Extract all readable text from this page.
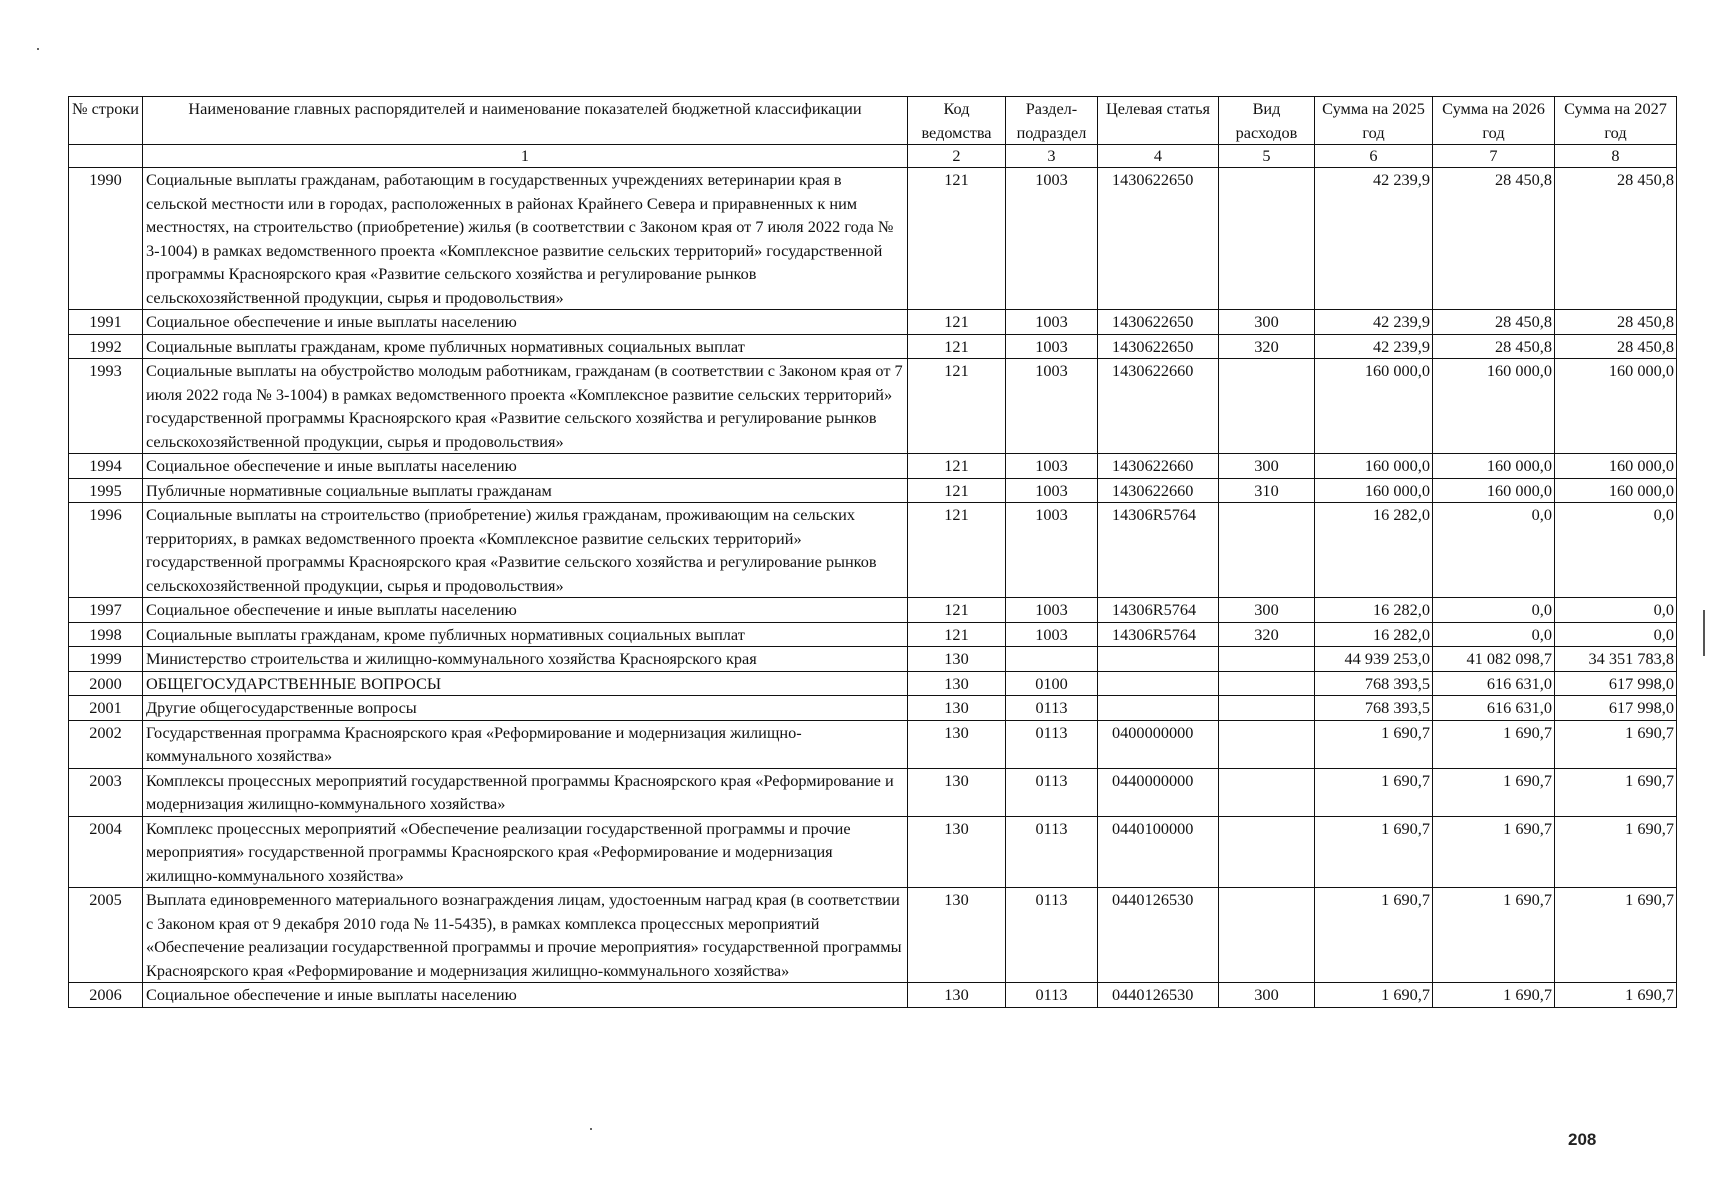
№ строки	Наименование главных распорядителей и наименование показателей бюджетной классификации	Код ведомства	Раздел-подраздел	Целевая статья	Вид расходов	Сумма на 2025 год	Сумма на 2026 год	Сумма на 2027 год
	1	2	3	4	5	6	7	8
1990	Социальные выплаты гражданам, работающим в государственных учреждениях ветеринарии края в сельской местности или в городах, расположенных в районах Крайнего Севера и приравненных к ним местностях, на строительство (приобретение) жилья (в соответствии с Законом края от 7 июля 2022 года № 3-1004) в рамках ведомственного проекта «Комплексное развитие сельских территорий» государственной программы Красноярского края «Развитие сельского хозяйства и регулирование рынков сельскохозяйственной продукции, сырья и продовольствия»	121	1003	1430622650		42 239,9	28 450,8	28 450,8
1991	Социальное обеспечение и иные выплаты населению	121	1003	1430622650	300	42 239,9	28 450,8	28 450,8
1992	Социальные выплаты гражданам, кроме публичных нормативных социальных выплат	121	1003	1430622650	320	42 239,9	28 450,8	28 450,8
1993	Социальные выплаты на обустройство молодым работникам, гражданам (в соответствии с Законом края от 7 июля 2022 года № 3-1004) в рамках ведомственного проекта «Комплексное развитие сельских территорий» государственной программы Красноярского края «Развитие сельского хозяйства и регулирование рынков сельскохозяйственной продукции, сырья и продовольствия»	121	1003	1430622660		160 000,0	160 000,0	160 000,0
1994	Социальное обеспечение и иные выплаты населению	121	1003	1430622660	300	160 000,0	160 000,0	160 000,0
1995	Публичные нормативные социальные выплаты гражданам	121	1003	1430622660	310	160 000,0	160 000,0	160 000,0
1996	Социальные выплаты на строительство (приобретение) жилья гражданам, проживающим на сельских территориях, в рамках ведомственного проекта «Комплексное развитие сельских территорий» государственной программы Красноярского края «Развитие сельского хозяйства и регулирование рынков сельскохозяйственной продукции, сырья и продовольствия»	121	1003	14306R5764		16 282,0	0,0	0,0
1997	Социальное обеспечение и иные выплаты населению	121	1003	14306R5764	300	16 282,0	0,0	0,0
1998	Социальные выплаты гражданам, кроме публичных нормативных социальных выплат	121	1003	14306R5764	320	16 282,0	0,0	0,0
1999	Министерство строительства и жилищно-коммунального хозяйства Красноярского края	130				44 939 253,0	41 082 098,7	34 351 783,8
2000	ОБЩЕГОСУДАРСТВЕННЫЕ ВОПРОСЫ	130	0100			768 393,5	616 631,0	617 998,0
2001	Другие общегосударственные вопросы	130	0113			768 393,5	616 631,0	617 998,0
2002	Государственная программа Красноярского края «Реформирование и модернизация жилищно-коммунального хозяйства»	130	0113	0400000000		1 690,7	1 690,7	1 690,7
2003	Комплексы процессных мероприятий государственной программы Красноярского края «Реформирование и модернизация жилищно-коммунального хозяйства»	130	0113	0440000000		1 690,7	1 690,7	1 690,7
2004	Комплекс процессных мероприятий «Обеспечение реализации государственной программы и прочие мероприятия» государственной программы Красноярского края «Реформирование и модернизация жилищно-коммунального хозяйства»	130	0113	0440100000		1 690,7	1 690,7	1 690,7
2005	Выплата единовременного материального вознаграждения лицам, удостоенным наград края (в соответствии с Законом края от 9 декабря 2010 года № 11-5435), в рамках комплекса процессных мероприятий «Обеспечение реализации государственной программы и прочие мероприятия» государственной программы Красноярского края «Реформирование и модернизация жилищно-коммунального хозяйства»	130	0113	0440126530		1 690,7	1 690,7	1 690,7
2006	Социальное обеспечение и иные выплаты населению	130	0113	0440126530	300	1 690,7	1 690,7	1 690,7
208
